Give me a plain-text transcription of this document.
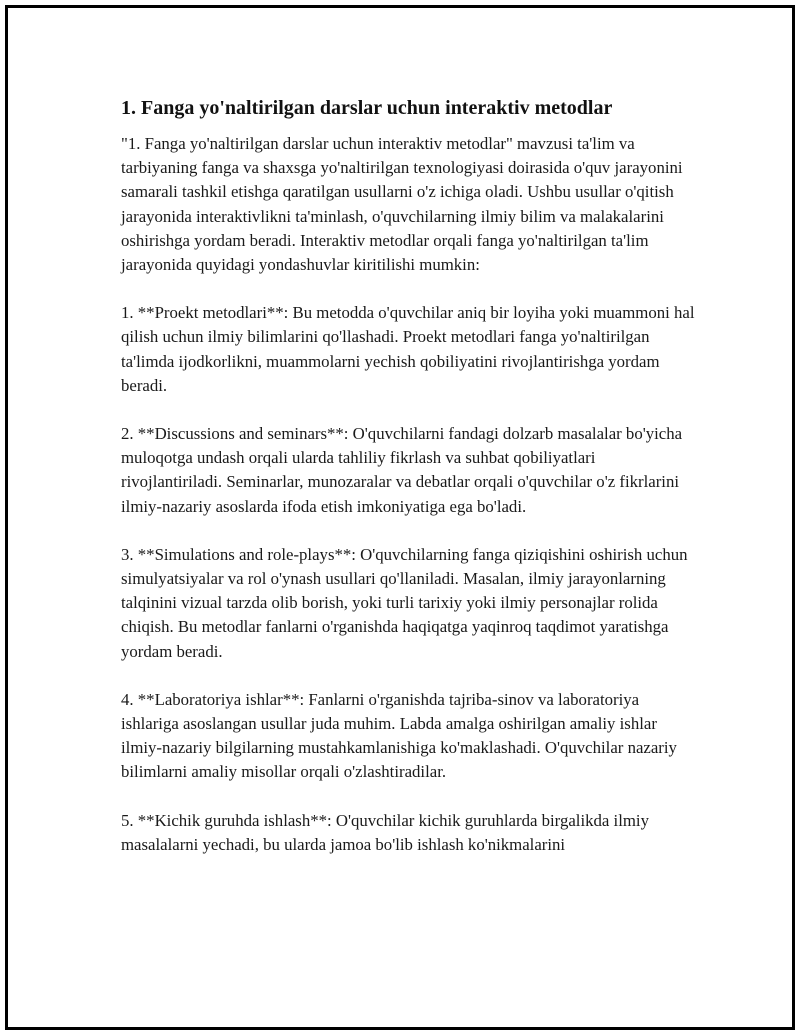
1. Fanga yo'naltirilgan darslar uchun interaktiv metodlar

"1. Fanga yo'naltirilgan darslar uchun interaktiv metodlar" mavzusi ta'lim va tarbiyaning fanga va shaxsga yo'naltirilgan texnologiyasi doirasida o'quv jarayonini samarali tashkil etishga qaratilgan usullarni o'z ichiga oladi. Ushbu usullar o'qitish jarayonida interaktivlikni ta'minlash, o'quvchilarning ilmiy bilim va malakalarini oshirishga yordam beradi. Interaktiv metodlar orqali fanga yo'naltirilgan ta'lim jarayonida quyidagi yondashuvlar kiritilishi mumkin:

1. **Proekt metodlari**: Bu metodda o'quvchilar aniq bir loyiha yoki muammoni hal qilish uchun ilmiy bilimlarini qo'llashadi. Proekt metodlari fanga yo'naltirilgan ta'limda ijodkorlikni, muammolarni yechish qobiliyatini rivojlantirishga yordam beradi.

2. **Discussions and seminars**: O'quvchilarni fandagi dolzarb masalalar bo'yicha muloqotga undash orqali ularda tahliliy fikrlash va suhbat qobiliyatlari rivojlantiriladi. Seminarlar, munozaralar va debatlar orqali o'quvchilar o'z fikrlarini ilmiy-nazariy asoslarda ifoda etish imkoniyatiga ega bo'ladi.

3. **Simulations and role-plays**: O'quvchilarning fanga qiziqishini oshirish uchun simulyatsiyalar va rol o'ynash usullari qo'llaniladi. Masalan, ilmiy jarayonlarning talqinini vizual tarzda olib borish, yoki turli tarixiy yoki ilmiy personajlar rolida chiqish. Bu metodlar fanlarni o'rganishda haqiqatga yaqinroq taqdimot yaratishga yordam beradi.

4. **Laboratoriya ishlar**: Fanlarni o'rganishda tajriba-sinov va laboratoriya ishlariga asoslangan usullar juda muhim. Labda amalga oshirilgan amaliy ishlar ilmiy-nazariy bilgilarning mustahkamlanishiga ko'maklashadi. O'quvchilar nazariy bilimlarni amaliy misollar orqali o'zlashtiradilar.

5. **Kichik guruhda ishlash**: O'quvchilar kichik guruhlarda birgalikda ilmiy masalalarni yechadi, bu ularda jamoa bo'lib ishlash ko'nikmalarini
